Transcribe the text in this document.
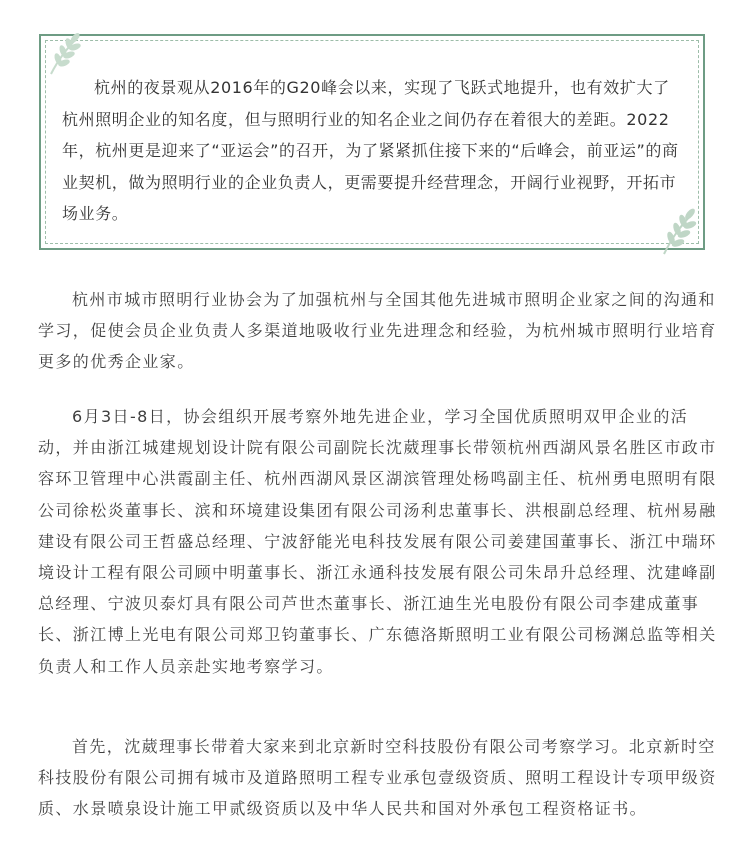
杭州的夜景观从2016年的G20峰会以来，实现了飞跃式地提升，也有效扩大了杭州照明企业的知名度，但与照明行业的知名企业之间仍存在着很大的差距。2022年，杭州更是迎来了“亚运会”的召开，为了紧紧抓住接下来的“后峰会，前亚运”的商业契机，做为照明行业的企业负责人，更需要提升经营理念，开阔行业视野，开拓市场业务。

杭州市城市照明行业协会为了加强杭州与全国其他先进城市照明企业家之间的沟通和学习，促使会员企业负责人多渠道地吸收行业先进理念和经验，为杭州城市照明行业培育更多的优秀企业家。

6月3日-8日，协会组织开展考察外地先进企业，学习全国优质照明双甲企业的活动，并由浙江城建规划设计院有限公司副院长沈葳理事长带领杭州西湖风景名胜区市政市容环卫管理中心洪霞副主任、杭州西湖风景区湖滨管理处杨鸣副主任、杭州勇电照明有限公司徐松炎董事长、滨和环境建设集团有限公司汤利忠董事长、洪根副总经理、杭州易融建设有限公司王哲盛总经理、宁波舒能光电科技发展有限公司姜建国董事长、浙江中瑞环境设计工程有限公司顾中明董事长、浙江永通科技发展有限公司朱昂升总经理、沈建峰副总经理、宁波贝泰灯具有限公司芦世杰董事长、浙江迪生光电股份有限公司李建成董事长、浙江博上光电有限公司郑卫钧董事长、广东德洛斯照明工业有限公司杨渊总监等相关负责人和工作人员亲赴实地考察学习。

首先，沈葳理事长带着大家来到北京新时空科技股份有限公司考察学习。北京新时空科技股份有限公司拥有城市及道路照明工程专业承包壹级资质、照明工程设计专项甲级资质、水景喷泉设计施工甲贰级资质以及中华人民共和国对外承包工程资格证书。
